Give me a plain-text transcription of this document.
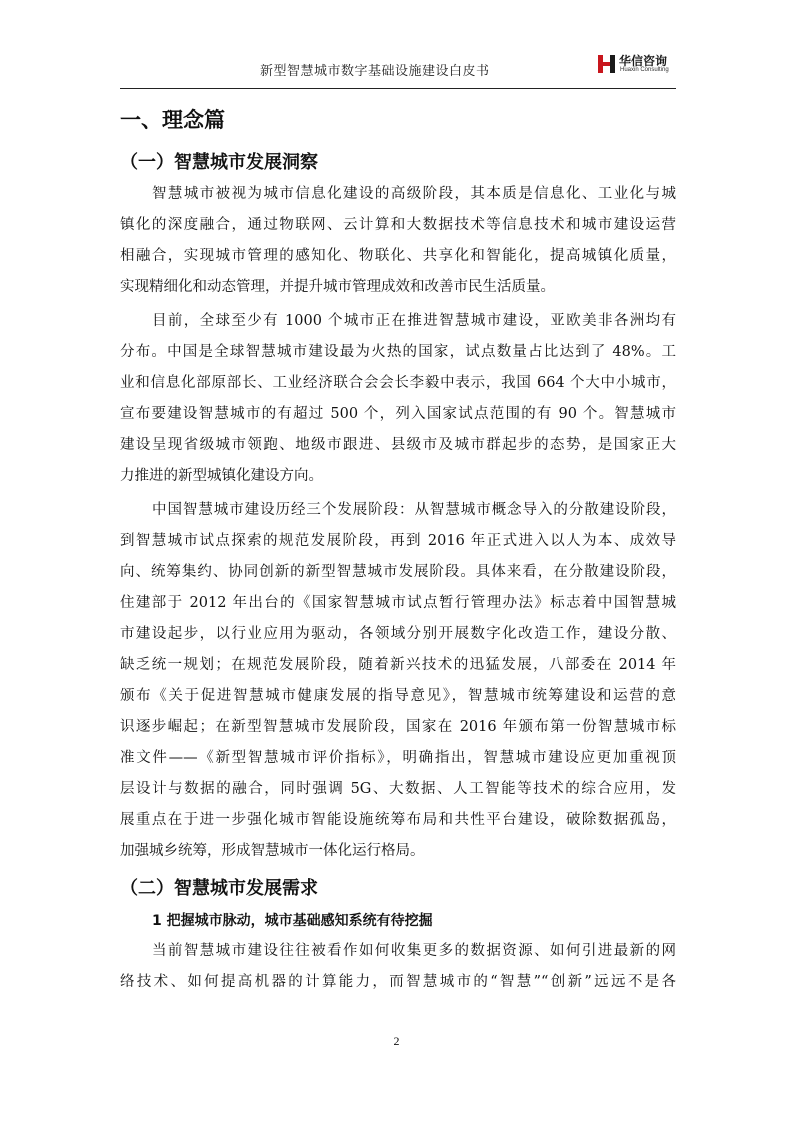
新型智慧城市数字基础设施建设白皮书
华信咨询
Huaxin Consulting
一、理念篇
（一）智慧城市发展洞察
智慧城市被视为城市信息化建设的高级阶段，其本质是信息化、工业化与城
镇化的深度融合，通过物联网、云计算和大数据技术等信息技术和城市建设运营
相融合，实现城市管理的感知化、物联化、共享化和智能化，提高城镇化质量，
实现精细化和动态管理，并提升城市管理成效和改善市民生活质量。
目前，全球至少有 1000 个城市正在推进智慧城市建设，亚欧美非各洲均有
分布。中国是全球智慧城市建设最为火热的国家，试点数量占比达到了 48%。工
业和信息化部原部长、工业经济联合会会长李毅中表示，我国 664 个大中小城市，
宣布要建设智慧城市的有超过 500 个，列入国家试点范围的有 90 个。智慧城市
建设呈现省级城市领跑、地级市跟进、县级市及城市群起步的态势，是国家正大
力推进的新型城镇化建设方向。
中国智慧城市建设历经三个发展阶段：从智慧城市概念导入的分散建设阶段，
到智慧城市试点探索的规范发展阶段，再到 2016 年正式进入以人为本、成效导
向、统筹集约、协同创新的新型智慧城市发展阶段。具体来看，在分散建设阶段，
住建部于 2012 年出台的《国家智慧城市试点暂行管理办法》标志着中国智慧城
市建设起步，以行业应用为驱动，各领域分别开展数字化改造工作，建设分散、
缺乏统一规划；在规范发展阶段，随着新兴技术的迅猛发展，八部委在 2014 年
颁布《关于促进智慧城市健康发展的指导意见》，智慧城市统筹建设和运营的意
识逐步崛起；在新型智慧城市发展阶段，国家在 2016 年颁布第一份智慧城市标
准文件——《新型智慧城市评价指标》，明确指出，智慧城市建设应更加重视顶
层设计与数据的融合，同时强调 5G、大数据、人工智能等技术的综合应用，发
展重点在于进一步强化城市智能设施统筹布局和共性平台建设，破除数据孤岛，
加强城乡统筹，形成智慧城市一体化运行格局。
（二）智慧城市发展需求
1 把握城市脉动，城市基础感知系统有待挖掘
当前智慧城市建设往往被看作如何收集更多的数据资源、如何引进最新的网
络技术、如何提高机器的计算能力，而智慧城市的“智慧”“创新”远远不是各
2
